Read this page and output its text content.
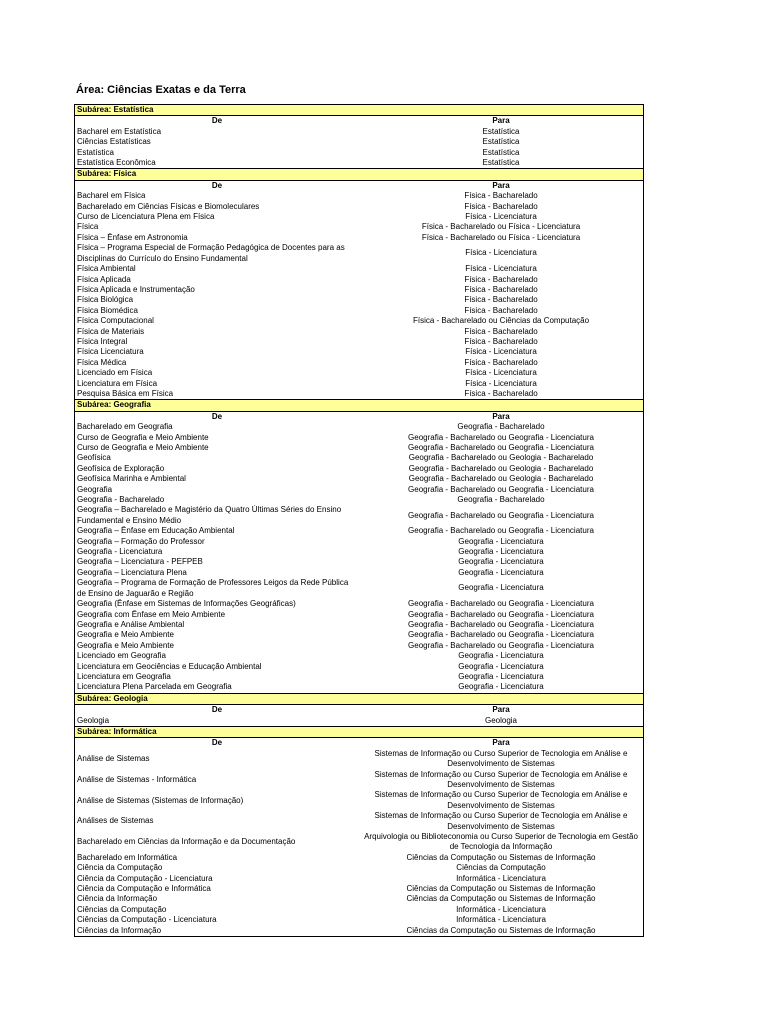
Área: Ciências Exatas e da Terra
Subárea: Estatística	
De	Para
Bacharel em Estatística	Estatística
Ciências Estatísticas	Estatística
Estatística	Estatística
Estatística Econômica	Estatística
Subárea: Física	
De	Para
Bacharel em Física	Física - Bacharelado
Bacharelado em Ciências Físicas e Biomoleculares	Física - Bacharelado
Curso de Licenciatura Plena em Física	Física - Licenciatura
Física	Física - Bacharelado ou Física - Licenciatura
Física – Ênfase em Astronomia	Física - Bacharelado ou Física - Licenciatura
Física – Programa Especial de Formação Pedagógica de Docentes para as Disciplinas do Currículo do Ensino Fundamental	Física - Licenciatura
Física Ambiental	Física - Licenciatura
Física Aplicada	Física - Bacharelado
Física Aplicada e Instrumentação	Física - Bacharelado
Física Biológica	Física - Bacharelado
Física Biomédica	Física - Bacharelado
Física Computacional	Física - Bacharelado ou Ciências da Computação
Física de Materiais	Física - Bacharelado
Física Integral	Física - Bacharelado
Física Licenciatura	Física - Licenciatura
Física Médica	Física - Bacharelado
Licenciado em Física	Física - Licenciatura
Licenciatura em Física	Física - Licenciatura
Pesquisa Básica em Física	Física - Bacharelado
Subárea: Geografia	
De	Para
Bacharelado em Geografia	Geografia - Bacharelado
Curso de Geografia e Meio Ambiente	Geografia - Bacharelado ou Geografia - Licenciatura
Curso de Geografia e Meio Ambiente	Geografia - Bacharelado ou Geografia - Licenciatura
Geofísica	Geografia - Bacharelado ou Geologia - Bacharelado
Geofísica de Exploração	Geografia - Bacharelado ou Geologia - Bacharelado
Geofísica Marinha e Ambiental	Geografia - Bacharelado ou Geologia - Bacharelado
Geografia	Geografia - Bacharelado ou Geografia - Licenciatura
Geografia - Bacharelado	Geografia - Bacharelado
Geografia – Bacharelado e Magistério da Quatro Últimas Séries do Ensino Fundamental e Ensino Médio	Geografia - Bacharelado ou Geografia - Licenciatura
Geografia – Ênfase em Educação Ambiental	Geografia - Bacharelado ou Geografia - Licenciatura
Geografia – Formação do Professor	Geografia - Licenciatura
Geografia - Licenciatura	Geografia - Licenciatura
Geografia – Licenciatura - PEFPEB	Geografia - Licenciatura
Geografia – Licenciatura Plena	Geografia - Licenciatura
Geografia – Programa de Formação de Professores Leigos da Rede Pública de Ensino de Jaguarão e Região	Geografia - Licenciatura
Geografia (Ênfase em Sistemas de Informações Geográficas)	Geografia - Bacharelado ou Geografia - Licenciatura
Geografia com Ênfase em Meio Ambiente	Geografia - Bacharelado ou Geografia - Licenciatura
Geografia e Análise Ambiental	Geografia - Bacharelado ou Geografia - Licenciatura
Geografia e Meio Ambiente	Geografia - Bacharelado ou Geografia - Licenciatura
Geografia e Meio Ambiente	Geografia - Bacharelado ou Geografia - Licenciatura
Licenciado em Geografia	Geografia - Licenciatura
Licenciatura em Geociências e Educação Ambiental	Geografia - Licenciatura
Licenciatura em Geografia	Geografia - Licenciatura
Licenciatura Plena Parcelada em Geografia	Geografia - Licenciatura
Subárea: Geologia	
De	Para
Geologia	Geologia
Subárea: Informática	
De	Para
Análise de Sistemas	Sistemas de Informação ou Curso Superior de Tecnologia em Análise e Desenvolvimento de Sistemas
Análise de Sistemas - Informática	Sistemas de Informação ou Curso Superior de Tecnologia em Análise e Desenvolvimento de Sistemas
Análise de Sistemas (Sistemas de Informação)	Sistemas de Informação ou Curso Superior de Tecnologia em Análise e Desenvolvimento de Sistemas
Análises de Sistemas	Sistemas de Informação ou Curso Superior de Tecnologia em Análise e Desenvolvimento de Sistemas
Bacharelado em Ciências da Informação e da Documentação	Arquivologia ou Biblioteconomia ou Curso Superior de Tecnologia em Gestão de Tecnologia da Informação
Bacharelado em Informática	Ciências da Computação ou Sistemas de Informação
Ciência da Computação	Ciências da Computação
Ciência da Computação - Licenciatura	Informática - Licenciatura
Ciência da Computação e Informática	Ciências da Computação ou Sistemas de Informação
Ciência da Informação	Ciências da Computação ou Sistemas de Informação
Ciências da Computação	Informática - Licenciatura
Ciências da Computação - Licenciatura	Informática - Licenciatura
Ciências da Informação	Ciências da Computação ou Sistemas de Informação
